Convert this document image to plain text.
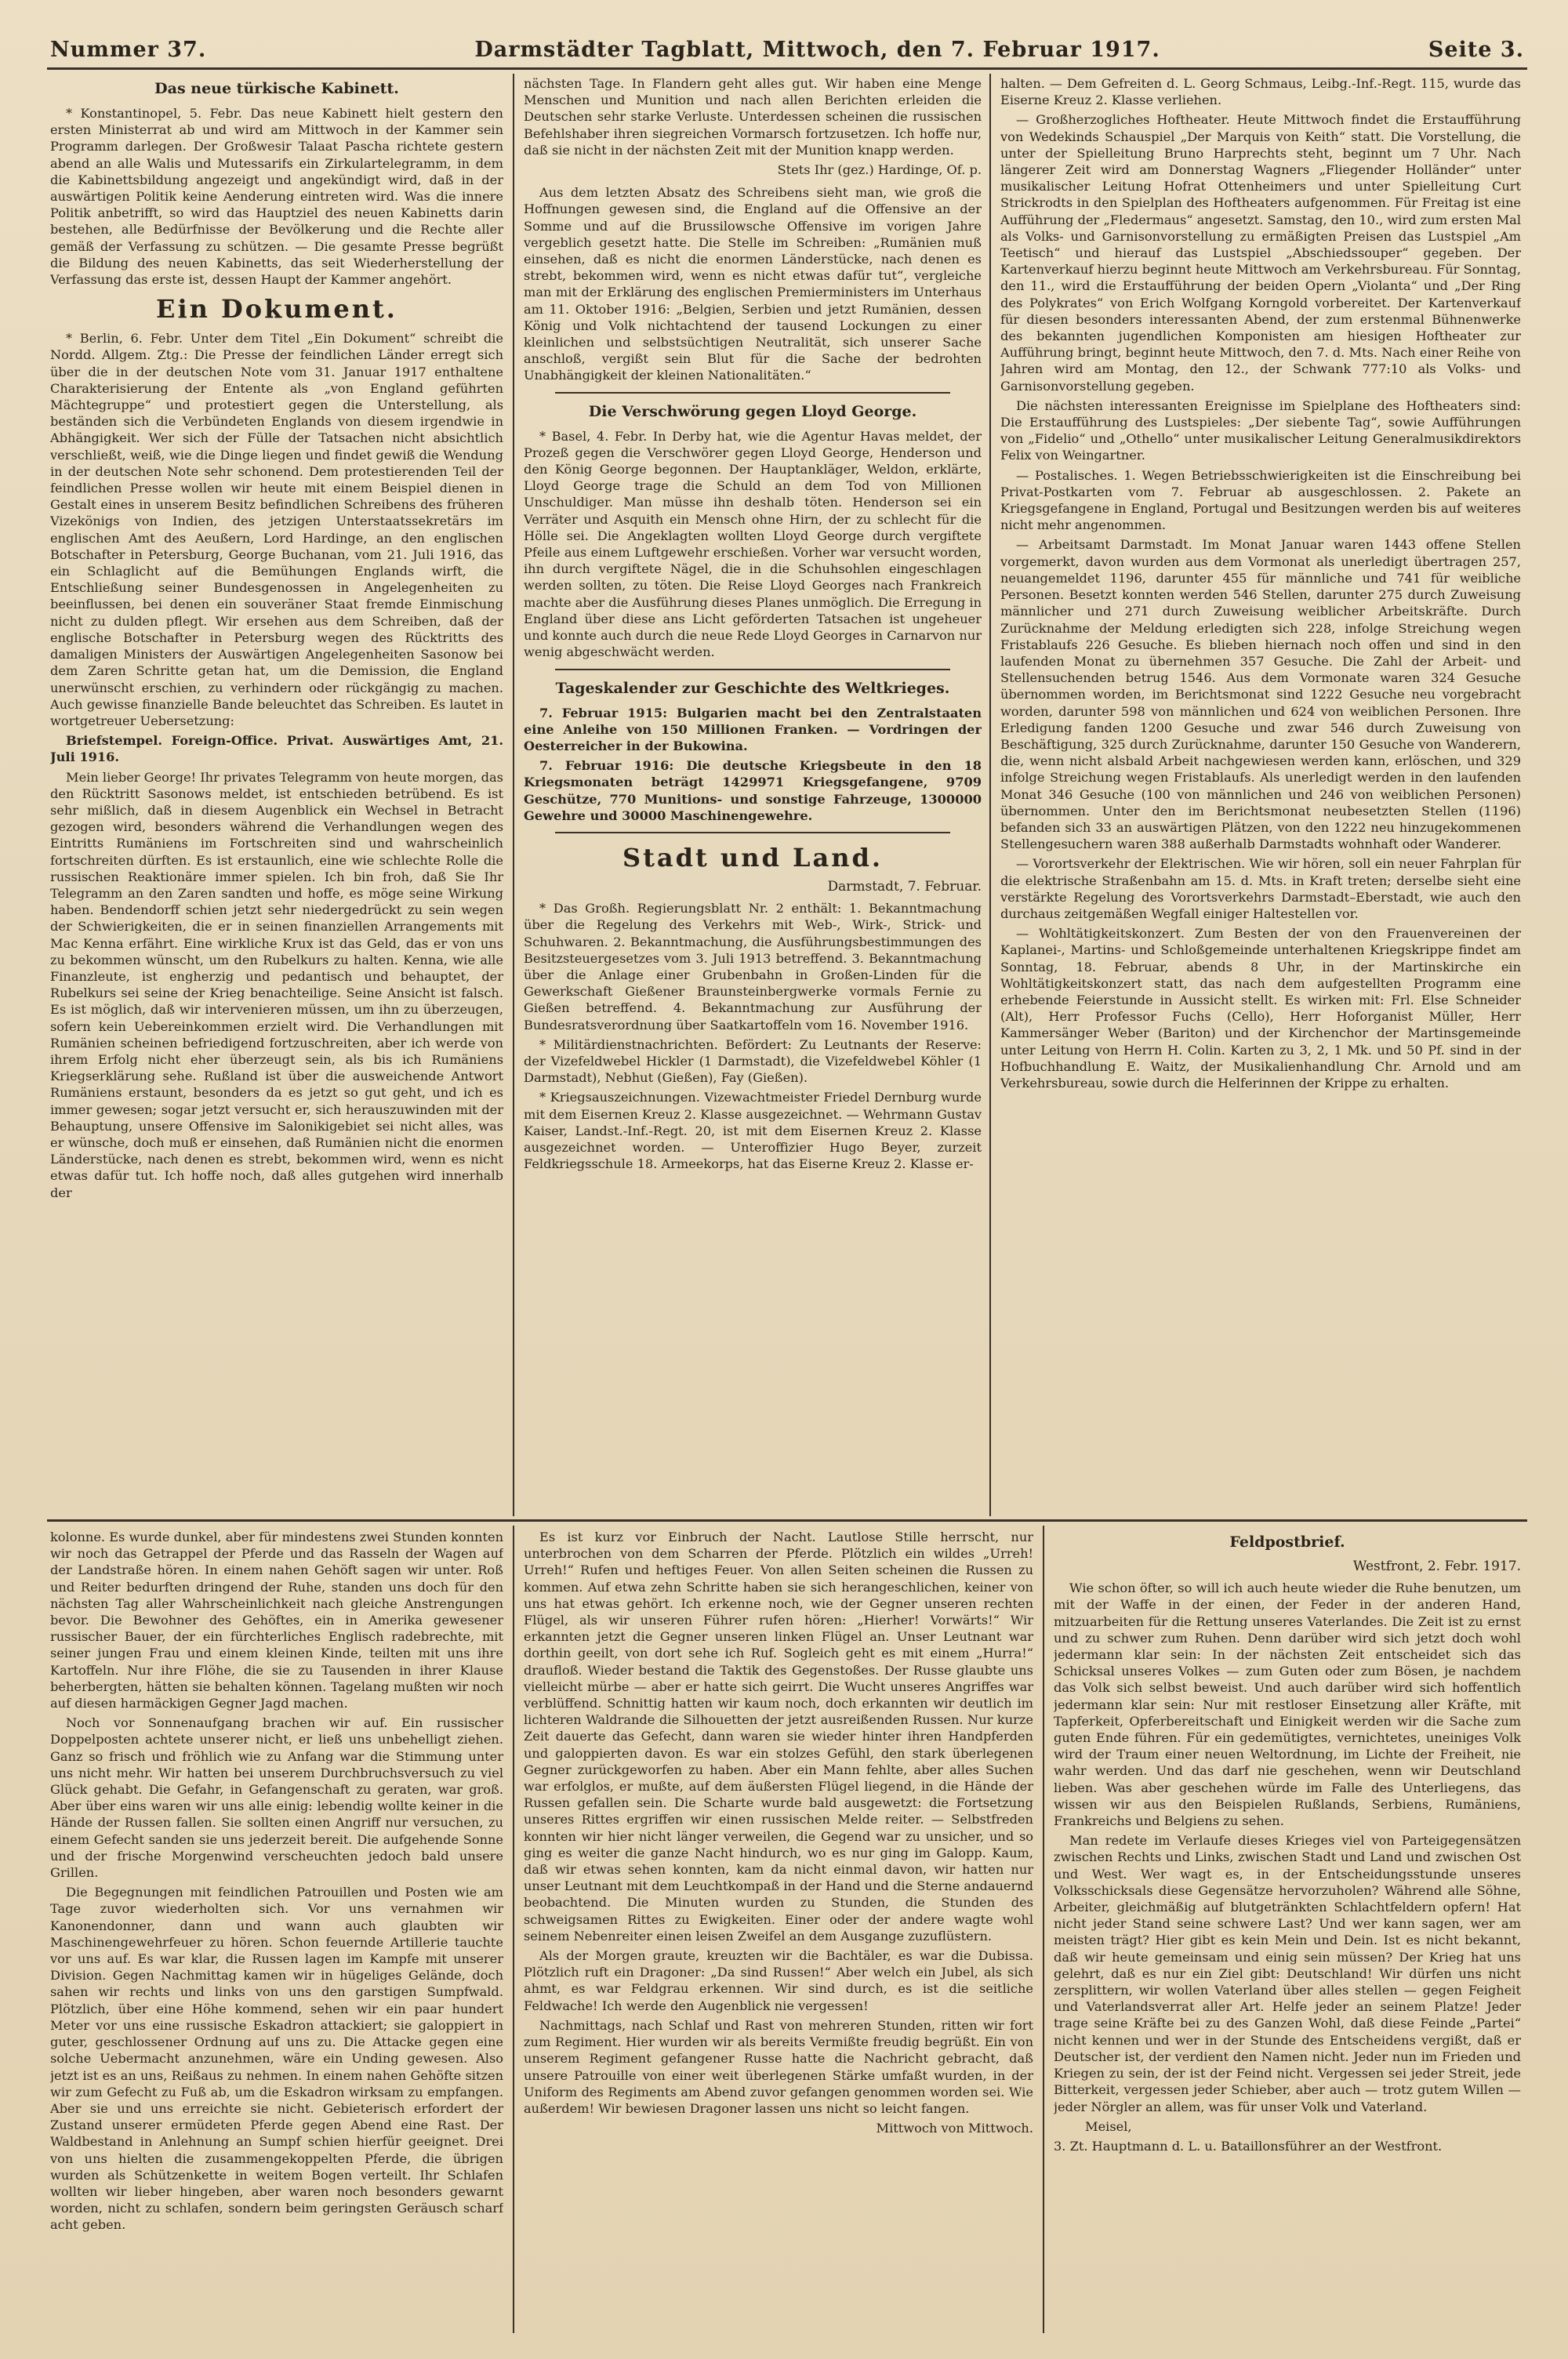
Nummer 37.	Darmstädter Tagblatt, Mittwoch, den 7. Februar 1917.	Seite 3.
Das neue türkische Kabinett.

* Konstantinopel, 5. Febr. Das neue Kabinett hielt gestern den ersten Ministerrat ab und wird am Mittwoch in der Kammer sein Programm darlegen. Der Großwesir Talaat Pascha richtete gestern abend an alle Walis und Mutessarifs ein Zirkulartelegramm, in dem die Kabinettsbildung angezeigt und angekündigt wird, daß in der auswärtigen Politik keine Aenderung eintreten wird. Was die innere Politik anbetrifft, so wird das Hauptziel des neuen Kabinetts darin bestehen, alle Bedürfnisse der Bevölkerung und die Rechte aller gemäß der Verfassung zu schützen. — Die gesamte Presse begrüßt die Bildung des neuen Kabinetts, das seit Wiederherstellung der Verfassung das erste ist, dessen Haupt der Kammer angehört.

Ein Dokument.

* Berlin, 6. Febr. Unter dem Titel „Ein Dokument“ schreibt die Nordd. Allgem. Ztg.: Die Presse der feindlichen Länder erregt sich über die in der deutschen Note vom 31. Januar 1917 enthaltene Charakterisierung der Entente als „von England geführten Mächtegruppe“ und protestiert gegen die Unterstellung, als beständen sich die Verbündeten Englands von diesem irgendwie in Abhängigkeit. Wer sich der Fülle der Tatsachen nicht absichtlich verschließt, weiß, wie die Dinge liegen und findet gewiß die Wendung in der deutschen Note sehr schonend. Dem protestierenden Teil der feindlichen Presse wollen wir heute mit einem Beispiel dienen in Gestalt eines in unserem Besitz befindlichen Schreibens des früheren Vizekönigs von Indien, des jetzigen Unterstaatssekretärs im englischen Amt des Aeußern, Lord Hardinge, an den englischen Botschafter in Petersburg, George Buchanan, vom 21. Juli 1916, das ein Schlaglicht auf die Bemühungen Englands wirft, die Entschließung seiner Bundesgenossen in Angelegenheiten zu beeinflussen, bei denen ein souveräner Staat fremde Einmischung nicht zu dulden pflegt. Wir ersehen aus dem Schreiben, daß der englische Botschafter in Petersburg wegen des Rücktritts des damaligen Ministers der Auswärtigen Angelegenheiten Sasonow bei dem Zaren Schritte getan hat, um die Demission, die England unerwünscht erschien, zu verhindern oder rückgängig zu machen. Auch gewisse finanzielle Bande beleuchtet das Schreiben. Es lautet in wortgetreuer Uebersetzung:

Briefstempel. Foreign-Office. Privat. Auswärtiges Amt, 21. Juli 1916.

Mein lieber George! Ihr privates Telegramm von heute morgen, das den Rücktritt Sasonows meldet, ist entschieden betrübend. Es ist sehr mißlich, daß in diesem Augenblick ein Wechsel in Betracht gezogen wird, besonders während die Verhandlungen wegen des Eintritts Rumäniens im Fortschreiten sind und wahrscheinlich fortschreiten dürften. Es ist erstaunlich, eine wie schlechte Rolle die russischen Reaktionäre immer spielen. Ich bin froh, daß Sie Ihr Telegramm an den Zaren sandten und hoffe, es möge seine Wirkung haben. Bendendorff schien jetzt sehr niedergedrückt zu sein wegen der Schwierigkeiten, die er in seinen finanziellen Arrangements mit Mac Kenna erfährt. Eine wirkliche Krux ist das Geld, das er von uns zu bekommen wünscht, um den Rubelkurs zu halten. Kenna, wie alle Finanzleute, ist engherzig und pedantisch und behauptet, der Rubelkurs sei seine der Krieg benachteilige. Seine Ansicht ist falsch. Es ist möglich, daß wir intervenieren müssen, um ihn zu überzeugen, sofern kein Uebereinkommen erzielt wird. Die Verhandlungen mit Rumänien scheinen befriedigend fortzuschreiten, aber ich werde von ihrem Erfolg nicht eher überzeugt sein, als bis ich Rumäniens Kriegserklärung sehe. Rußland ist über die ausweichende Antwort Rumäniens erstaunt, besonders da es jetzt so gut geht, und ich es immer gewesen; sogar jetzt versucht er, sich herauszuwinden mit der Behauptung, unsere Offensive im Salonikigebiet sei nicht alles, was er wünsche, doch muß er einsehen, daß Rumänien nicht die enormen Länderstücke, nach denen es strebt, bekommen wird, wenn es nicht etwas dafür tut. Ich hoffe noch, daß alles gutgehen wird innerhalb der

nächsten Tage. In Flandern geht alles gut. Wir haben eine Menge Menschen und Munition und nach allen Berichten erleiden die Deutschen sehr starke Verluste. Unterdessen scheinen die russischen Befehlshaber ihren siegreichen Vormarsch fortzusetzen. Ich hoffe nur, daß sie nicht in der nächsten Zeit mit der Munition knapp werden.

Stets Ihr (gez.) Hardinge, Of. p.

Aus dem letzten Absatz des Schreibens sieht man, wie groß die Hoffnungen gewesen sind, die England auf die Offensive an der Somme und auf die Brussilowsche Offensive im vorigen Jahre vergeblich gesetzt hatte. Die Stelle im Schreiben: „Rumänien muß einsehen, daß es nicht die enormen Länderstücke, nach denen es strebt, bekommen wird, wenn es nicht etwas dafür tut“, vergleiche man mit der Erklärung des englischen Premierministers im Unterhaus am 11. Oktober 1916: „Belgien, Serbien und jetzt Rumänien, dessen König und Volk nichtachtend der tausend Lockungen zu einer kleinlichen und selbstsüchtigen Neutralität, sich unserer Sache anschloß, vergißt sein Blut für die Sache der bedrohten Unabhängigkeit der kleinen Nationalitäten.“

Die Verschwörung gegen Lloyd George.

* Basel, 4. Febr. In Derby hat, wie die Agentur Havas meldet, der Prozeß gegen die Verschwörer gegen Lloyd George, Henderson und den König George begonnen. Der Hauptankläger, Weldon, erklärte, Lloyd George trage die Schuld an dem Tod von Millionen Unschuldiger. Man müsse ihn deshalb töten. Henderson sei ein Verräter und Asquith ein Mensch ohne Hirn, der zu schlecht für die Hölle sei. Die Angeklagten wollten Lloyd George durch vergiftete Pfeile aus einem Luftgewehr erschießen. Vorher war versucht worden, ihn durch vergiftete Nägel, die in die Schuhsohlen eingeschlagen werden sollten, zu töten. Die Reise Lloyd Georges nach Frankreich machte aber die Ausführung dieses Planes unmöglich. Die Erregung in England über diese ans Licht geförderten Tatsachen ist ungeheuer und konnte auch durch die neue Rede Lloyd Georges in Carnarvon nur wenig abgeschwächt werden.

Tageskalender zur Geschichte des Weltkrieges.

7. Februar 1915: Bulgarien macht bei den Zentralstaaten eine Anleihe von 150 Millionen Franken. — Vordringen der Oesterreicher in der Bukowina.

7. Februar 1916: Die deutsche Kriegsbeute in den 18 Kriegsmonaten beträgt 1429971 Kriegsgefangene, 9709 Geschütze, 770 Munitions- und sonstige Fahrzeuge, 1300000 Gewehre und 30000 Maschinengewehre.

Stadt und Land.
Darmstadt, 7. Februar.

* Das Großh. Regierungsblatt Nr. 2 enthält: 1. Bekanntmachung über die Regelung des Verkehrs mit Web-, Wirk-, Strick- und Schuhwaren. 2. Bekanntmachung, die Ausführungsbestimmungen des Besitzsteuergesetzes vom 3. Juli 1913 betreffend. 3. Bekanntmachung über die Anlage einer Grubenbahn in Großen-Linden für die Gewerkschaft Gießener Braunsteinbergwerke vormals Fernie zu Gießen betreffend. 4. Bekanntmachung zur Ausführung der Bundesratsverordnung über Saatkartoffeln vom 16. November 1916.

* Militärdienstnachrichten. Befördert: Zu Leutnants der Reserve: der Vizefeldwebel Hickler (1 Darmstadt), die Vizefeldwebel Köhler (1 Darmstadt), Nebhut (Gießen), Fay (Gießen).

* Kriegsauszeichnungen. Vizewachtmeister Friedel Dernburg wurde mit dem Eisernen Kreuz 2. Klasse ausgezeichnet. — Wehrmann Gustav Kaiser, Landst.-Inf.-Regt. 20, ist mit dem Eisernen Kreuz 2. Klasse ausgezeichnet worden. — Unteroffizier Hugo Beyer, zurzeit Feldkriegsschule 18. Armeekorps, hat das Eiserne Kreuz 2. Klasse er-

halten. — Dem Gefreiten d. L. Georg Schmaus, Leibg.-Inf.-Regt. 115, wurde das Eiserne Kreuz 2. Klasse verliehen.

— Großherzogliches Hoftheater. Heute Mittwoch findet die Erstaufführung von Wedekinds Schauspiel „Der Marquis von Keith“ statt. Die Vorstellung, die unter der Spielleitung Bruno Harprechts steht, beginnt um 7 Uhr. Nach längerer Zeit wird am Donnerstag Wagners „Fliegender Holländer“ unter musikalischer Leitung Hofrat Ottenheimers und unter Spielleitung Curt Strickrodts in den Spielplan des Hoftheaters aufgenommen. Für Freitag ist eine Aufführung der „Fledermaus“ angesetzt. Samstag, den 10., wird zum ersten Mal als Volks- und Garnisonvorstellung zu ermäßigten Preisen das Lustspiel „Am Teetisch“ und hierauf das Lustspiel „Abschiedssouper“ gegeben. Der Kartenverkauf hierzu beginnt heute Mittwoch am Verkehrsbureau. Für Sonntag, den 11., wird die Erstaufführung der beiden Opern „Violanta“ und „Der Ring des Polykrates“ von Erich Wolfgang Korngold vorbereitet. Der Kartenverkauf für diesen besonders interessanten Abend, der zum erstenmal Bühnenwerke des bekannten jugendlichen Komponisten am hiesigen Hoftheater zur Aufführung bringt, beginnt heute Mittwoch, den 7. d. Mts. Nach einer Reihe von Jahren wird am Montag, den 12., der Schwank 777:10 als Volks- und Garnisonvorstellung gegeben.

Die nächsten interessanten Ereignisse im Spielplane des Hoftheaters sind: Die Erstaufführung des Lustspieles: „Der siebente Tag“, sowie Aufführungen von „Fidelio“ und „Othello“ unter musikalischer Leitung Generalmusikdirektors Felix von Weingartner.

— Postalisches. 1. Wegen Betriebsschwierigkeiten ist die Einschreibung bei Privat-Postkarten vom 7. Februar ab ausgeschlossen. 2. Pakete an Kriegsgefangene in England, Portugal und Besitzungen werden bis auf weiteres nicht mehr angenommen.

— Arbeitsamt Darmstadt. Im Monat Januar waren 1443 offene Stellen vorgemerkt, davon wurden aus dem Vormonat als unerledigt übertragen 257, neuangemeldet 1196, darunter 455 für männliche und 741 für weibliche Personen. Besetzt konnten werden 546 Stellen, darunter 275 durch Zuweisung männlicher und 271 durch Zuweisung weiblicher Arbeitskräfte. Durch Zurücknahme der Meldung erledigten sich 228, infolge Streichung wegen Fristablaufs 226 Gesuche. Es blieben hiernach noch offen und sind in den laufenden Monat zu übernehmen 357 Gesuche. Die Zahl der Arbeit- und Stellensuchenden betrug 1546. Aus dem Vormonate waren 324 Gesuche übernommen worden, im Berichtsmonat sind 1222 Gesuche neu vorgebracht worden, darunter 598 von männlichen und 624 von weiblichen Personen. Ihre Erledigung fanden 1200 Gesuche und zwar 546 durch Zuweisung von Beschäftigung, 325 durch Zurücknahme, darunter 150 Gesuche von Wanderern, die, wenn nicht alsbald Arbeit nachgewiesen werden kann, erlöschen, und 329 infolge Streichung wegen Fristablaufs. Als unerledigt werden in den laufenden Monat 346 Gesuche (100 von männlichen und 246 von weiblichen Personen) übernommen. Unter den im Berichtsmonat neubesetzten Stellen (1196) befanden sich 33 an auswärtigen Plätzen, von den 1222 neu hinzugekommenen Stellengesuchern waren 388 außerhalb Darmstadts wohnhaft oder Wanderer.

— Vorortsverkehr der Elektrischen. Wie wir hören, soll ein neuer Fahrplan für die elektrische Straßenbahn am 15. d. Mts. in Kraft treten; derselbe sieht eine verstärkte Regelung des Vorortsverkehrs Darmstadt–Eberstadt, wie auch den durchaus zeitgemäßen Wegfall einiger Haltestellen vor.

— Wohltätigkeitskonzert. Zum Besten der von den Frauenvereinen der Kaplanei-, Martins- und Schloßgemeinde unterhaltenen Kriegskrippe findet am Sonntag, 18. Februar, abends 8 Uhr, in der Martinskirche ein Wohltätigkeitskonzert statt, das nach dem aufgestellten Programm eine erhebende Feierstunde in Aussicht stellt. Es wirken mit: Frl. Else Schneider (Alt), Herr Professor Fuchs (Cello), Herr Hoforganist Müller, Herr Kammersänger Weber (Bariton) und der Kirchenchor der Martinsgemeinde unter Leitung von Herrn H. Colin. Karten zu 3, 2, 1 Mk. und 50 Pf. sind in der Hofbuchhandlung E. Waitz, der Musikalienhandlung Chr. Arnold und am Verkehrsbureau, sowie durch die Helferinnen der Krippe zu erhalten.

kolonne. Es wurde dunkel, aber für mindestens zwei Stunden konnten wir noch das Getrappel der Pferde und das Rasseln der Wagen auf der Landstraße hören. In einem nahen Gehöft sagen wir unter. Roß und Reiter bedurften dringend der Ruhe, standen uns doch für den nächsten Tag aller Wahrscheinlichkeit nach gleiche Anstrengungen bevor. Die Bewohner des Gehöftes, ein in Amerika gewesener russischer Bauer, der ein fürchterliches Englisch radebrechte, mit seiner jungen Frau und einem kleinen Kinde, teilten mit uns ihre Kartoffeln. Nur ihre Flöhe, die sie zu Tausenden in ihrer Klause beherbergten, hätten sie behalten können. Tagelang mußten wir noch auf diesen harmäckigen Gegner Jagd machen.

Noch vor Sonnenaufgang brachen wir auf. Ein russischer Doppelposten achtete unserer nicht, er ließ uns unbehelligt ziehen. Ganz so frisch und fröhlich wie zu Anfang war die Stimmung unter uns nicht mehr. Wir hatten bei unserem Durchbruchsversuch zu viel Glück gehabt. Die Gefahr, in Gefangenschaft zu geraten, war groß. Aber über eins waren wir uns alle einig: lebendig wollte keiner in die Hände der Russen fallen. Sie sollten einen Angriff nur versuchen, zu einem Gefecht sanden sie uns jederzeit bereit. Die aufgehende Sonne und der frische Morgenwind verscheuchten jedoch bald unsere Grillen.

Die Begegnungen mit feindlichen Patrouillen und Posten wie am Tage zuvor wiederholten sich. Vor uns vernahmen wir Kanonendonner, dann und wann auch glaubten wir Maschinengewehrfeuer zu hören. Schon feuernde Artillerie tauchte vor uns auf. Es war klar, die Russen lagen im Kampfe mit unserer Division. Gegen Nachmittag kamen wir in hügeliges Gelände, doch sahen wir rechts und links von uns den garstigen Sumpfwald. Plötzlich, über eine Höhe kommend, sehen wir ein paar hundert Meter vor uns eine russische Eskadron attackiert; sie galoppiert in guter, geschlossener Ordnung auf uns zu. Die Attacke gegen eine solche Uebermacht anzunehmen, wäre ein Unding gewesen. Also jetzt ist es an uns, Reißaus zu nehmen. In einem nahen Gehöfte sitzen wir zum Gefecht zu Fuß ab, um die Eskadron wirksam zu empfangen. Aber sie und uns erreichte sie nicht. Gebieterisch erfordert der Zustand unserer ermüdeten Pferde gegen Abend eine Rast. Der Waldbestand in Anlehnung an Sumpf schien hierfür geeignet. Drei von uns hielten die zusammengekoppelten Pferde, die übrigen wurden als Schützenkette in weitem Bogen verteilt. Ihr Schlafen wollten wir lieber hingeben, aber waren noch besonders gewarnt worden, nicht zu schlafen, sondern beim geringsten Geräusch scharf acht geben.

Es ist kurz vor Einbruch der Nacht. Lautlose Stille herrscht, nur unterbrochen von dem Scharren der Pferde. Plötzlich ein wildes „Urreh! Urreh!“ Rufen und heftiges Feuer. Von allen Seiten scheinen die Russen zu kommen. Auf etwa zehn Schritte haben sie sich herangeschlichen, keiner von uns hat etwas gehört. Ich erkenne noch, wie der Gegner unseren rechten Flügel, als wir unseren Führer rufen hören: „Hierher! Vorwärts!“ Wir erkannten jetzt die Gegner unseren linken Flügel an. Unser Leutnant war dorthin geeilt, von dort sehe ich Ruf. Sogleich geht es mit einem „Hurra!“ draufloß. Wieder bestand die Taktik des Gegenstoßes. Der Russe glaubte uns vielleicht mürbe — aber er hatte sich geirrt. Die Wucht unseres Angriffes war verblüffend. Schnittig hatten wir kaum noch, doch erkannten wir deutlich im lichteren Waldrande die Silhouetten der jetzt ausreißenden Russen. Nur kurze Zeit dauerte das Gefecht, dann waren sie wieder hinter ihren Handpferden und galoppierten davon. Es war ein stolzes Gefühl, den stark überlegenen Gegner zurückgeworfen zu haben. Aber ein Mann fehlte, aber alles Suchen war erfolglos, er mußte, auf dem äußersten Flügel liegend, in die Hände der Russen gefallen sein. Die Scharte wurde bald ausgewetzt: die Fortsetzung unseres Rittes ergriffen wir einen russischen Melde reiter. — Selbstfreden konnten wir hier nicht länger verweilen, die Gegend war zu unsicher, und so ging es weiter die ganze Nacht hindurch, wo es nur ging im Galopp. Kaum, daß wir etwas sehen konnten, kam da nicht einmal davon, wir hatten nur unser Leutnant mit dem Leuchtkompaß in der Hand und die Sterne andauernd beobachtend. Die Minuten wurden zu Stunden, die Stunden des schweigsamen Rittes zu Ewigkeiten. Einer oder der andere wagte wohl seinem Nebenreiter einen leisen Zweifel an dem Ausgange zuzuflüstern.

Als der Morgen graute, kreuzten wir die Bachtäler, es war die Dubissa. Plötzlich ruft ein Dragoner: „Da sind Russen!“ Aber welch ein Jubel, als sich ahmt, es war Feldgrau erkennen. Wir sind durch, es ist die seitliche Feldwache! Ich werde den Augenblick nie vergessen!

Nachmittags, nach Schlaf und Rast von mehreren Stunden, ritten wir fort zum Regiment. Hier wurden wir als bereits Vermißte freudig begrüßt. Ein von unserem Regiment gefangener Russe hatte die Nachricht gebracht, daß unsere Patrouille von einer weit überlegenen Stärke umfaßt wurden, in der Uniform des Regiments am Abend zuvor gefangen genommen worden sei. Wie außerdem! Wir bewiesen Dragoner lassen uns nicht so leicht fangen.

Mittwoch von Mittwoch.
Feldpostbrief.
Westfront, 2. Febr. 1917.

Wie schon öfter, so will ich auch heute wieder die Ruhe benutzen, um mit der Waffe in der einen, der Feder in der anderen Hand, mitzuarbeiten für die Rettung unseres Vaterlandes. Die Zeit ist zu ernst und zu schwer zum Ruhen. Denn darüber wird sich jetzt doch wohl jedermann klar sein: In der nächsten Zeit entscheidet sich das Schicksal unseres Volkes — zum Guten oder zum Bösen, je nachdem das Volk sich selbst beweist. Und auch darüber wird sich hoffentlich jedermann klar sein: Nur mit restloser Einsetzung aller Kräfte, mit Tapferkeit, Opferbereitschaft und Einigkeit werden wir die Sache zum guten Ende führen. Für ein gedemütigtes, vernichtetes, uneiniges Volk wird der Traum einer neuen Weltordnung, im Lichte der Freiheit, nie wahr werden. Und das darf nie geschehen, wenn wir Deutschland lieben. Was aber geschehen würde im Falle des Unterliegens, das wissen wir aus den Beispielen Rußlands, Serbiens, Rumäniens, Frankreichs und Belgiens zu sehen.

Man redete im Verlaufe dieses Krieges viel von Parteigegensätzen zwischen Rechts und Links, zwischen Stadt und Land und zwischen Ost und West. Wer wagt es, in der Entscheidungsstunde unseres Volksschicksals diese Gegensätze hervorzuholen? Während alle Söhne, Arbeiter, gleichmäßig auf blutgetränkten Schlachtfeldern opfern! Hat nicht jeder Stand seine schwere Last? Und wer kann sagen, wer am meisten trägt? Hier gibt es kein Mein und Dein. Ist es nicht bekannt, daß wir heute gemeinsam und einig sein müssen? Der Krieg hat uns gelehrt, daß es nur ein Ziel gibt: Deutschland! Wir dürfen uns nicht zersplittern, wir wollen Vaterland über alles stellen — gegen Feigheit und Vaterlandsverrat aller Art. Helfe jeder an seinem Platze! Jeder trage seine Kräfte bei zu des Ganzen Wohl, daß diese Feinde „Partei“ nicht kennen und wer in der Stunde des Entscheidens vergißt, daß er Deutscher ist, der verdient den Namen nicht. Jeder nun im Frieden und Kriegen zu sein, der ist der Feind nicht. Vergessen sei jeder Streit, jede Bitterkeit, vergessen jeder Schieber, aber auch — trotz gutem Willen — jeder Nörgler an allem, was für unser Volk und Vaterland.

Meisel,

3. Zt. Hauptmann d. L. u. Bataillonsführer an der Westfront.
